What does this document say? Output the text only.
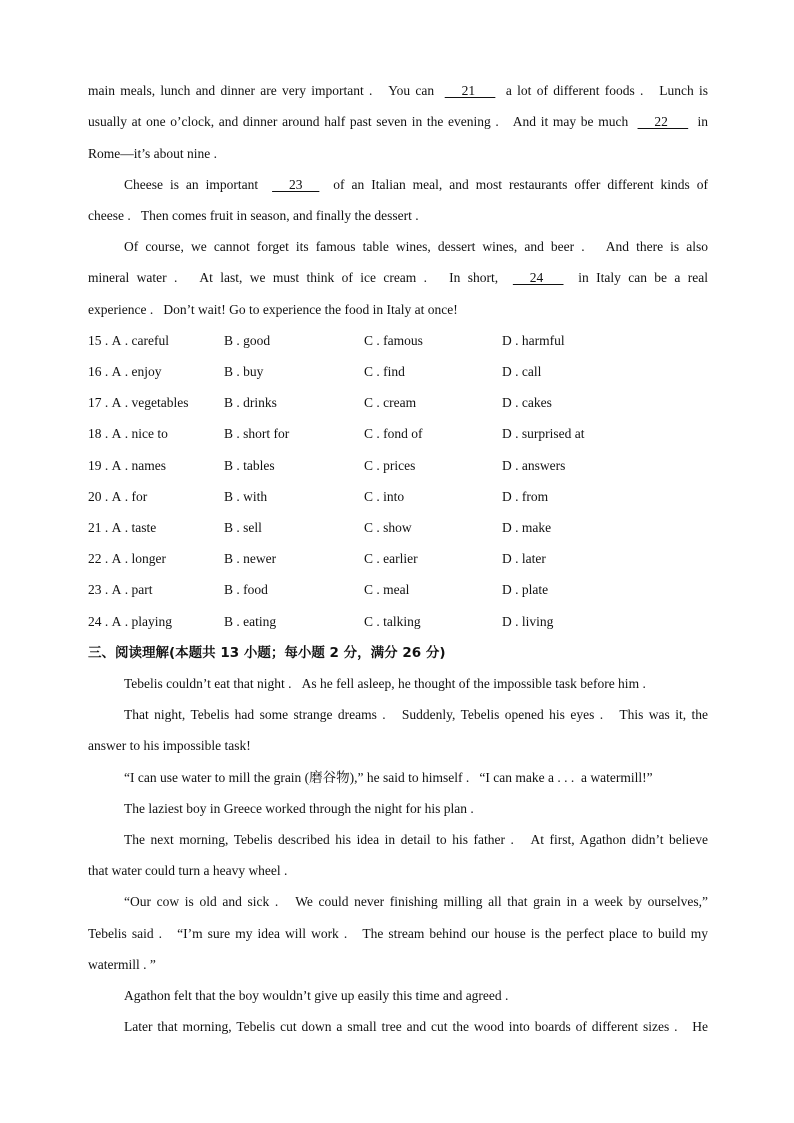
main meals, lunch and dinner are very important .   You can       21        a lot of different foods .   Lunch is
usually at one o’clock, and dinner around half past seven in the evening .   And it may be much       22        in
Rome—it’s about nine .
Cheese is an important       23       of an Italian meal, and most restaurants offer different kinds of
cheese .   Then comes fruit in season, and finally the dessert .
Of course, we cannot forget its famous table wines, dessert wines, and beer .   And there is also
mineral water .   At last, we must think of ice cream .   In short,       24        in Italy can be a real
experience .   Don’t wait! Go to experience the food in Italy at once!
15 . A . careful	B . good	C . famous	D . harmful
16 . A . enjoy	B . buy	C . find	D . call
17 . A . vegetables	B . drinks	C . cream	D . cakes
18 . A . nice to	B . short for	C . fond of	D . surprised at
19 . A . names	B . tables	C . prices	D . answers
20 . A . for	B . with	C . into	D . from
21 . A . taste	B . sell	C . show	D . make
22 . A . longer	B . newer	C . earlier	D . later
23 . A . part	B . food	C . meal	D . plate
24 . A . playing	B . eating	C . talking	D . living
三、阅读理解(本题共 13 小题；每小题 2 分，满分 26 分)
Tebelis couldn’t eat that night .   As he fell asleep, he thought of the impossible task before him .
That night, Tebelis had some strange dreams .   Suddenly, Tebelis opened his eyes .   This was it, the
answer to his impossible task!
“I can use water to mill the grain (磨谷物),” he said to himself .   “I can make a . . .  a watermill!”
The laziest boy in Greece worked through the night for his plan .
The next morning, Tebelis described his idea in detail to his father .   At first, Agathon didn’t believe
that water could turn a heavy wheel .
“Our cow is old and sick .   We could never finishing milling all that grain in a week by ourselves,”
Tebelis said .   “I’m sure my idea will work .   The stream behind our house is the perfect place to build my
watermill . ”
Agathon felt that the boy wouldn’t give up easily this time and agreed .
Later that morning, Tebelis cut down a small tree and cut the wood into boards of different sizes .   He
